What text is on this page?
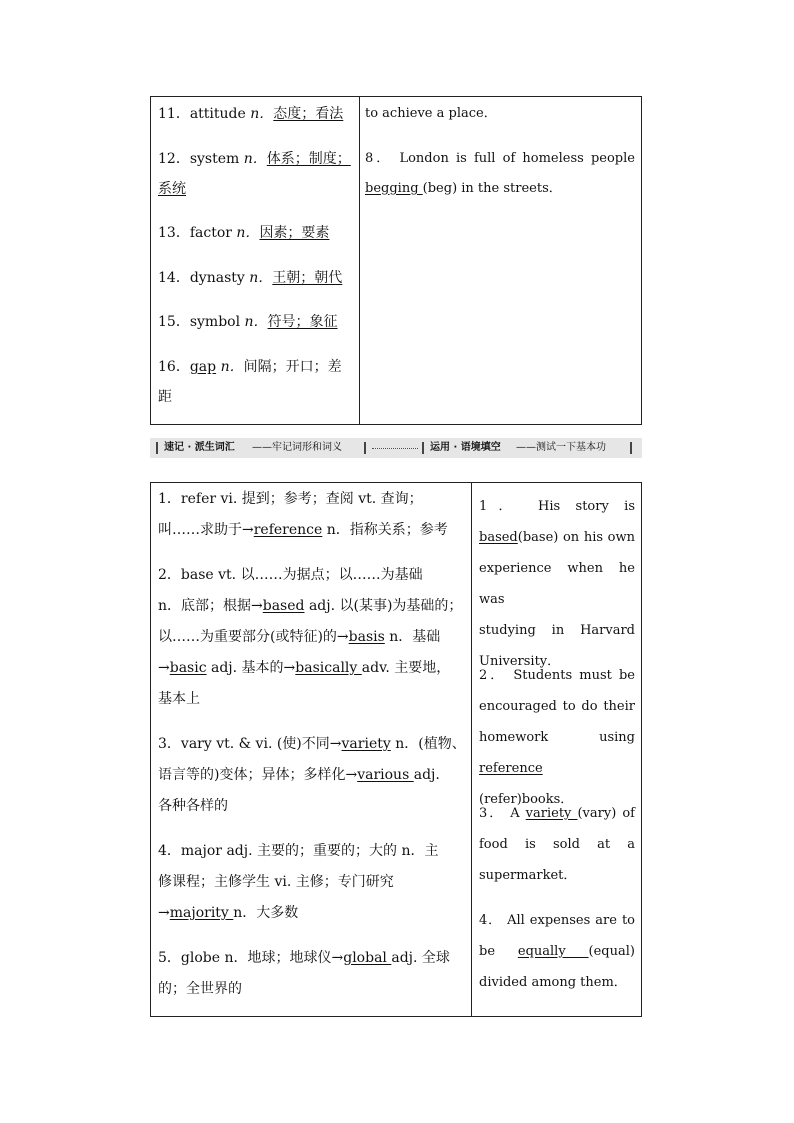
11．attitude n．态度；看法
12．system n．体系；制度；
系统
13．factor n．因素；要素
14．dynasty n．王朝；朝代
15．symbol n．符号；象征
16．gap n．间隔；开口；差
距
to achieve a place．
8． London is full of homeless people
begging (beg) in the streets．
速记 · 派生词汇 ——牢记词形和词义	运用 · 语境填空 ——测试一下基本功
1．refer vi. 提到；参考；查阅 vt. 查询；
叫……求助于→reference n．指称关系；参考
2．base vt. 以……为据点；以……为基础
n．底部；根据→based adj. 以(某事)为基础的；
以……为重要部分(或特征)的→basis n．基础
→basic adj. 基本的→basically adv. 主要地，
基本上
3．vary vt. & vi. (使)不同→variety n．(植物、
语言等的)变体；异体；多样化→various adj.
各种各样的
4．major adj. 主要的；重要的；大的 n．主
修课程；主修学生 vi. 主修；专门研究
→majority n．大多数
5．globe n．地球；地球仪→global adj. 全球
的；全世界的
1． His story is
based(base) on his own
experience when he was
studying in Harvard
University．
2． Students must be
encouraged to do their
homework using
reference (refer)books．
3． A variety (vary) of
food is sold at a
supermarket．
4． All expenses are to
be equally (equal)
divided among them．
